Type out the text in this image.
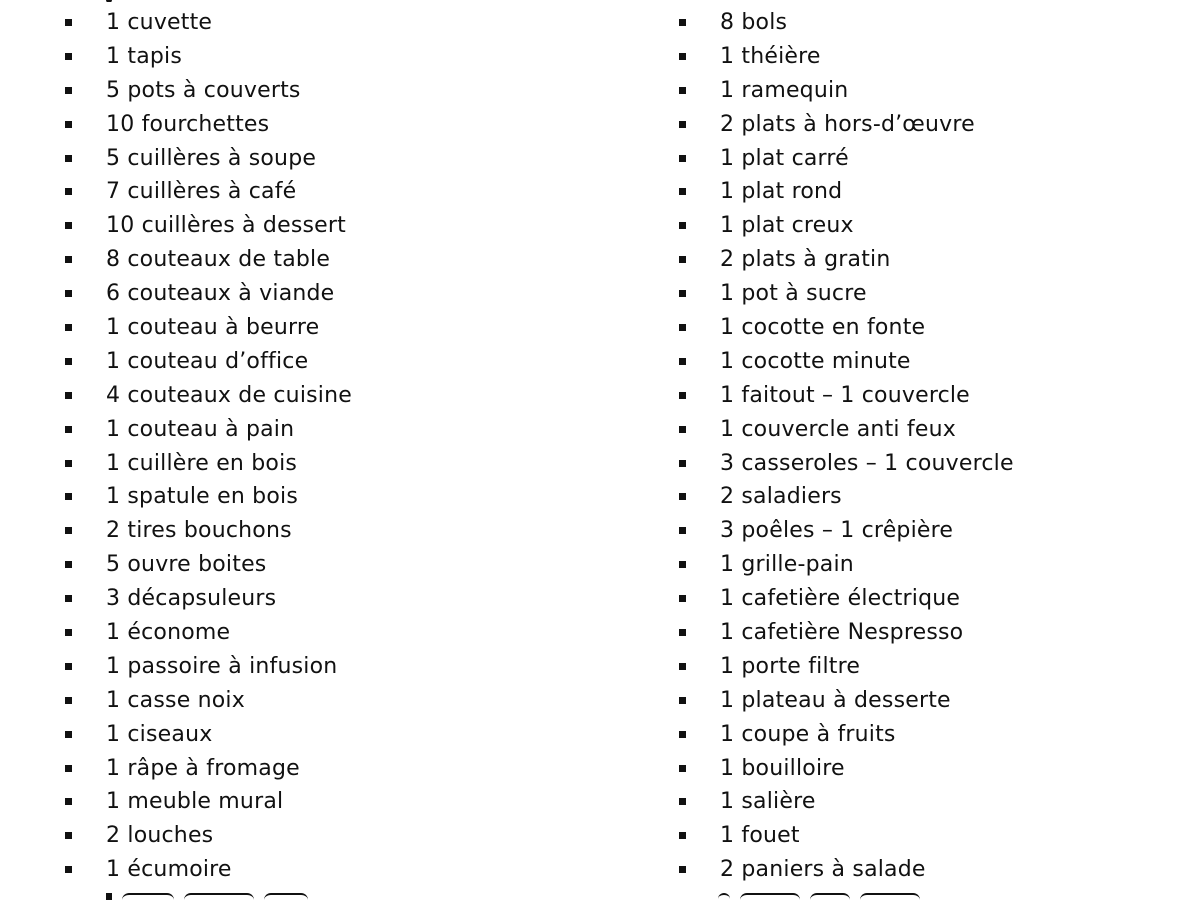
1 cuvette
1 tapis
5 pots à couverts
10 fourchettes
5 cuillères à soupe
7 cuillères à café
10 cuillères à dessert
8 couteaux de table
6 couteaux à viande
1 couteau à beurre
1 couteau d’office
4 couteaux de cuisine
1 couteau à pain
1 cuillère en bois
1 spatule en bois
2 tires bouchons
5 ouvre boites
3 décapsuleurs
1 économe
1 passoire à infusion
1 casse noix
1 ciseaux
1 râpe à fromage
1 meuble mural
2 louches
1 écumoire
8 bols
1 théière
1 ramequin
2 plats à hors-d’œuvre
1 plat carré
1 plat rond
1 plat creux
2 plats à gratin
1 pot à sucre
1 cocotte en fonte
1 cocotte minute
1 faitout – 1 couvercle
1 couvercle anti feux
3 casseroles – 1 couvercle
2 saladiers
3 poêles – 1 crêpière
1 grille-pain
1 cafetière électrique
1 cafetière Nespresso
1 porte filtre
1 plateau à desserte
1 coupe à fruits
1 bouilloire
1 salière
1 fouet
2 paniers à salade
